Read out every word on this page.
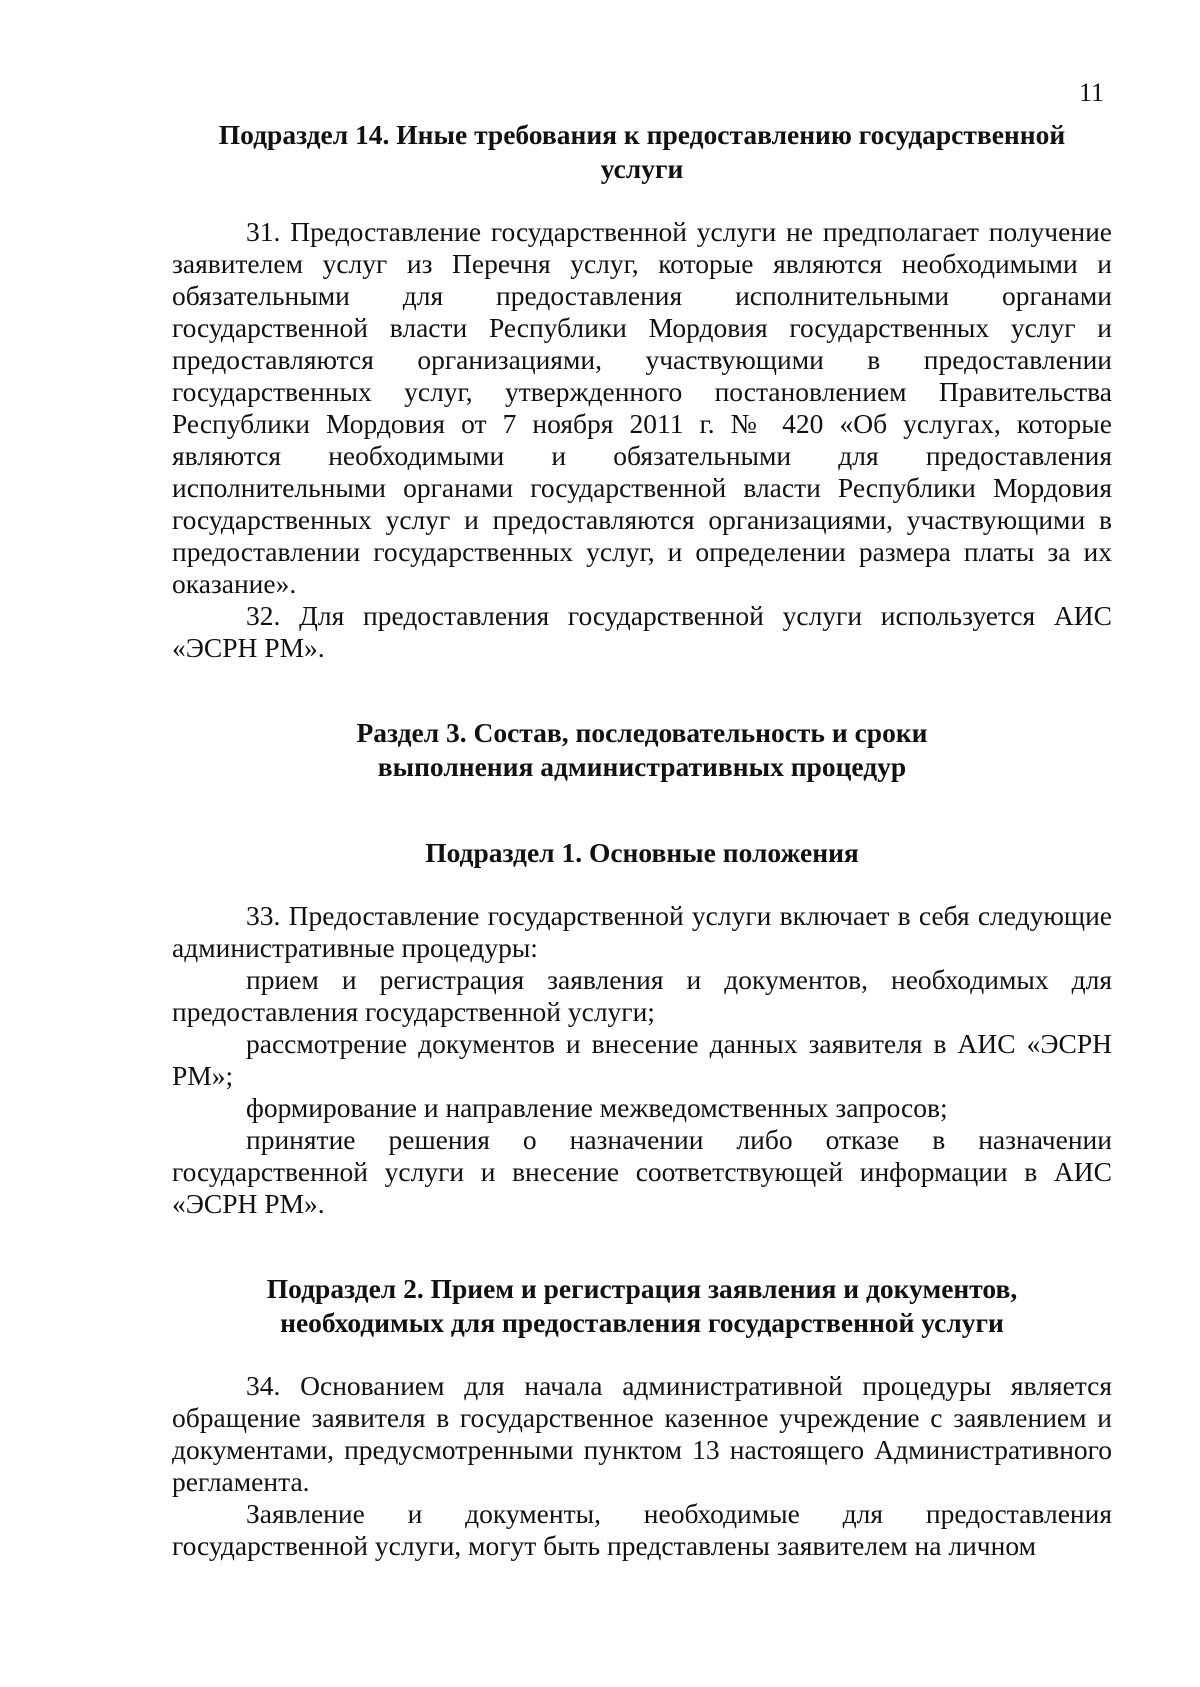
11
Подраздел 14. Иные требования к предоставлению государственной услуги

31. Предоставление государственной услуги не предполагает получение заявителем услуг из Перечня услуг, которые являются необходимыми и обязательными для предоставления исполнительными органами государственной власти Республики Мордовия государственных услуг и предоставляются организациями, участвующими в предоставлении государственных услуг, утвержденного постановлением Правительства Республики Мордовия от 7 ноября 2011 г. № 420 «Об услугах, которые являются необходимыми и обязательными для предоставления исполнительными органами государственной власти Республики Мордовия государственных услуг и предоставляются организациями, участвующими в предоставлении государственных услуг, и определении размера платы за их оказание».

32. Для предоставления государственной услуги используется АИС «ЭСРН РМ».

Раздел 3. Состав, последовательность и сроки выполнения административных процедур
Подраздел 1. Основные положения

33. Предоставление государственной услуги включает в себя следующие административные процедуры:

прием и регистрация заявления и документов, необходимых для предоставления государственной услуги;

рассмотрение документов и внесение данных заявителя в АИС «ЭСРН РМ»;

формирование и направление межведомственных запросов;

принятие решения о назначении либо отказе в назначении государственной услуги и внесение соответствующей информации в АИС «ЭСРН РМ».

Подраздел 2. Прием и регистрация заявления и документов, необходимых для предоставления государственной услуги

34. Основанием для начала административной процедуры является обращение заявителя в государственное казенное учреждение с заявлением и документами, предусмотренными пунктом 13 настоящего Административного регламента.

Заявление и документы, необходимые для предоставления государственной услуги, могут быть представлены заявителем на личном
